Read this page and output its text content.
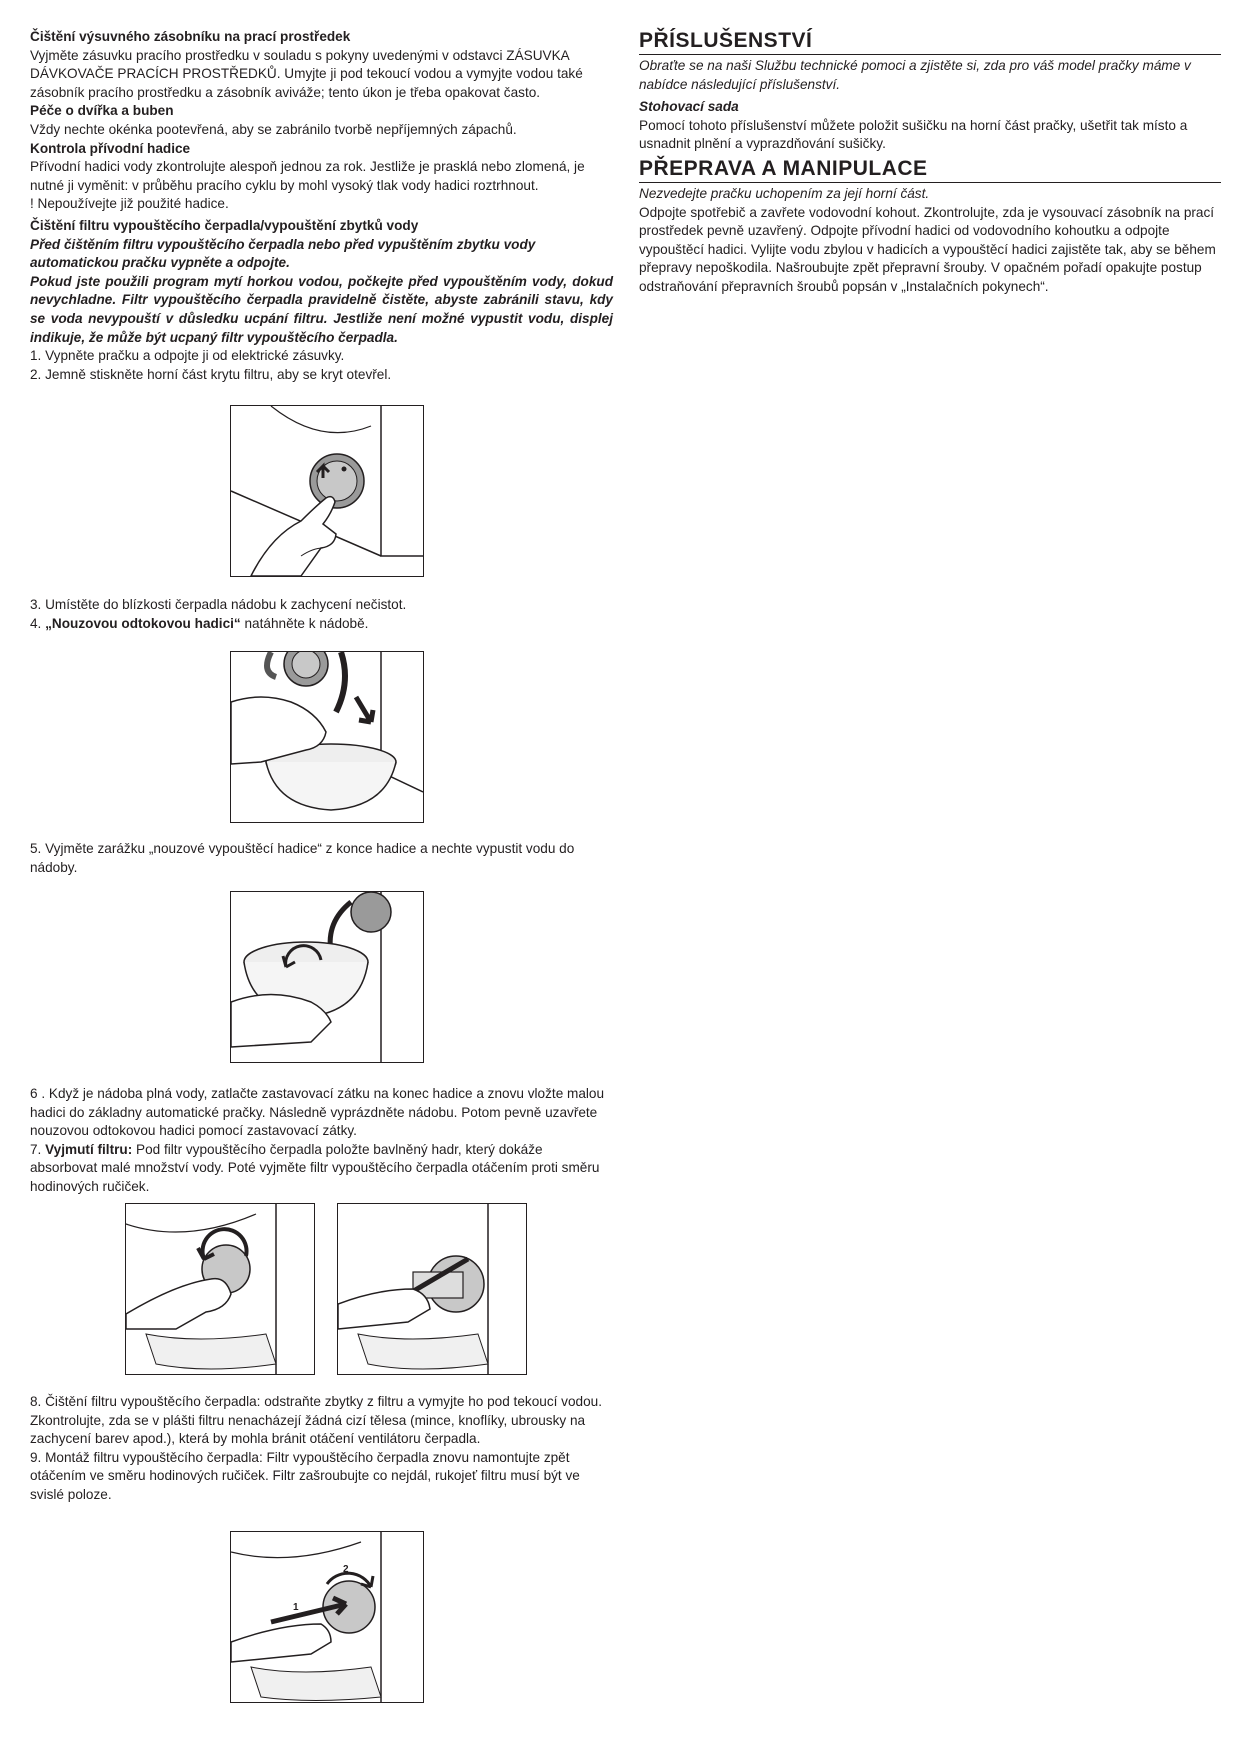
Čištění výsuvného zásobníku na prací prostředek

Vyjměte zásuvku pracího prostředku v souladu s pokyny uvedenými v odstavci ZÁSUVKA DÁVKOVAČE PRACÍCH PROSTŘEDKŮ. Umyjte ji pod tekoucí vodou a vymyjte vodou také zásobník pracího prostředku a zásobník aviváže; tento úkon je třeba opakovat často.

Péče o dvířka a buben

Vždy nechte okénka pootevřená, aby se zabránilo tvorbě nepříjemných zápachů.

Kontrola přívodní hadice

Přívodní hadici vody zkontrolujte alespoň jednou za rok. Jestliže je prasklá nebo zlomená, je nutné ji vyměnit: v průběhu pracího cyklu by mohl vysoký tlak vody hadici roztrhnout.

! Nepoužívejte již použité hadice.

Čištění filtru vypouštěcího čerpadla/vypouštění zbytků vody

Před čištěním filtru vypouštěcího čerpadla nebo před vypuštěním zbytku vody automatickou pračku vypněte a odpojte.

Pokud jste použili program mytí horkou vodou, počkejte před vypouštěním vody, dokud nevychladne. Filtr vypouštěcího čerpadla pravidelně čistěte, abyste zabránili stavu, kdy se voda nevypouští v důsledku ucpání filtru. Jestliže není možné vypustit vodu, displej indikuje, že může být ucpaný filtr vypouštěcího čerpadla.

1. Vypněte pračku a odpojte ji od elektrické zásuvky.

2. Jemně stiskněte horní část krytu filtru, aby se kryt otevřel.

3. Umístěte do blízkosti čerpadla nádobu k zachycení nečistot.

4. „Nouzovou odtokovou hadici“ natáhněte k nádobě.

5. Vyjměte zarážku „nouzové vypouštěcí hadice“ z konce hadice a nechte vypustit vodu do nádoby.

6 . Když je nádoba plná vody, zatlačte zastavovací zátku na konec hadice a znovu vložte malou hadici do základny automatické pračky. Následně vyprázdněte nádobu. Potom pevně uzavřete nouzovou odtokovou hadici pomocí zastavovací zátky.

7. Vyjmutí filtru: Pod filtr vypouštěcího čerpadla položte bavlněný hadr, který dokáže absorbovat malé množství vody. Poté vyjměte filtr vypouštěcího čerpadla otáčením proti směru hodinových ručiček.

8. Čištění filtru vypouštěcího čerpadla: odstraňte zbytky z filtru a vymyjte ho pod tekoucí vodou.

Zkontrolujte, zda se v plášti filtru nenacházejí žádná cizí tělesa (mince, knoflíky, ubrousky na zachycení barev apod.), která by mohla bránit otáčení ventilátoru čerpadla.

9. Montáž filtru vypouštěcího čerpadla: Filtr vypouštěcího čerpadla znovu namontujte zpět otáčením ve směru hodinových ručiček. Filtr zašroubujte co nejdál, rukojeť filtru musí být ve svislé poloze.

1
2
PŘÍSLUŠENSTVÍ

Obraťte se na naši Službu technické pomoci a zjistěte si, zda pro váš model pračky máme v nabídce následující příslušenství.

Stohovací sada

Pomocí tohoto příslušenství můžete položit sušičku na horní část pračky, ušetřit tak místo a usnadnit plnění a vyprazdňování sušičky.

PŘEPRAVA A MANIPULACE

Nezvedejte pračku uchopením za její horní část.

Odpojte spotřebič a zavřete vodovodní kohout. Zkontrolujte, zda je vysouvací zásobník na prací prostředek pevně uzavřený. Odpojte přívodní hadici od vodovodního kohoutku a odpojte vypouštěcí hadici. Vylijte vodu zbylou v hadicích a vypouštěcí hadici zajistěte tak, aby se během přepravy nepoškodila. Našroubujte zpět přepravní šrouby. V opačném pořadí opakujte postup odstraňování přepravních šroubů popsán v „Instalačních pokynech“.
